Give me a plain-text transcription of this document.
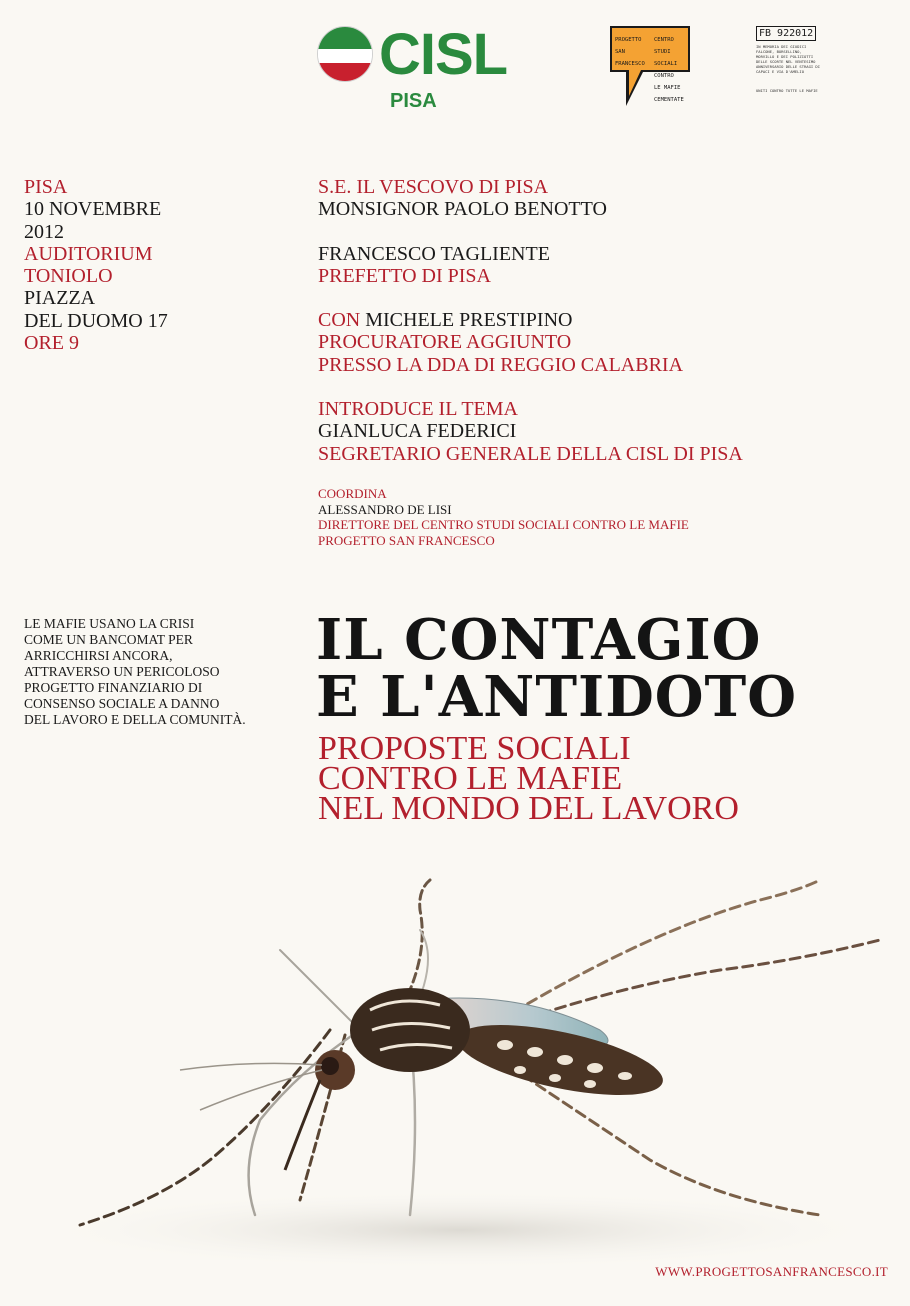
CISL
PISA

PROGETTO

SAN

FRANCESCO

CENTRO

STUDI

SOCIALI

CONTRO

LE MAFIE

CEMENTATE

FB 922012
IN MEMORIA DEI GIUDICI FALCONE, BORSELLINO, MORVILLO E DEI POLIZIOTTI DELLE SCORTE NEL VENTESIMO ANNIVERSARIO DELLE STRAGI DI CAPACI E VIA D'AMELIO
UNITI CONTRO TUTTE LE MAFIE
PISA
10 NOVEMBRE
2012
AUDITORIUM
TONIOLO
PIAZZA
DEL DUOMO 17
ORE 9
S.E. IL VESCOVO DI PISA
MONSIGNOR PAOLO BENOTTO
FRANCESCO TAGLIENTE
PREFETTO DI PISA
CON MICHELE PRESTIPINO
PROCURATORE AGGIUNTO
PRESSO LA DDA DI REGGIO CALABRIA
INTRODUCE IL TEMA
GIANLUCA FEDERICI
SEGRETARIO GENERALE DELLA CISL DI PISA
COORDINA
ALESSANDRO DE LISI
DIRETTORE DEL CENTRO STUDI SOCIALI CONTRO LE MAFIE
PROGETTO SAN FRANCESCO
LE MAFIE USANO LA CRISI
COME UN BANCOMAT PER
ARRICCHIRSI ANCORA,
ATTRAVERSO UN PERICOLOSO
PROGETTO FINANZIARIO DI
CONSENSO SOCIALE A DANNO
DEL LAVORO E DELLA COMUNITÀ.
IL CONTAGIO
E L'ANTIDOTO
PROPOSTE SOCIALI
CONTRO LE MAFIE
NEL MONDO DEL LAVORO
WWW.PROGETTOSANFRANCESCO.IT
